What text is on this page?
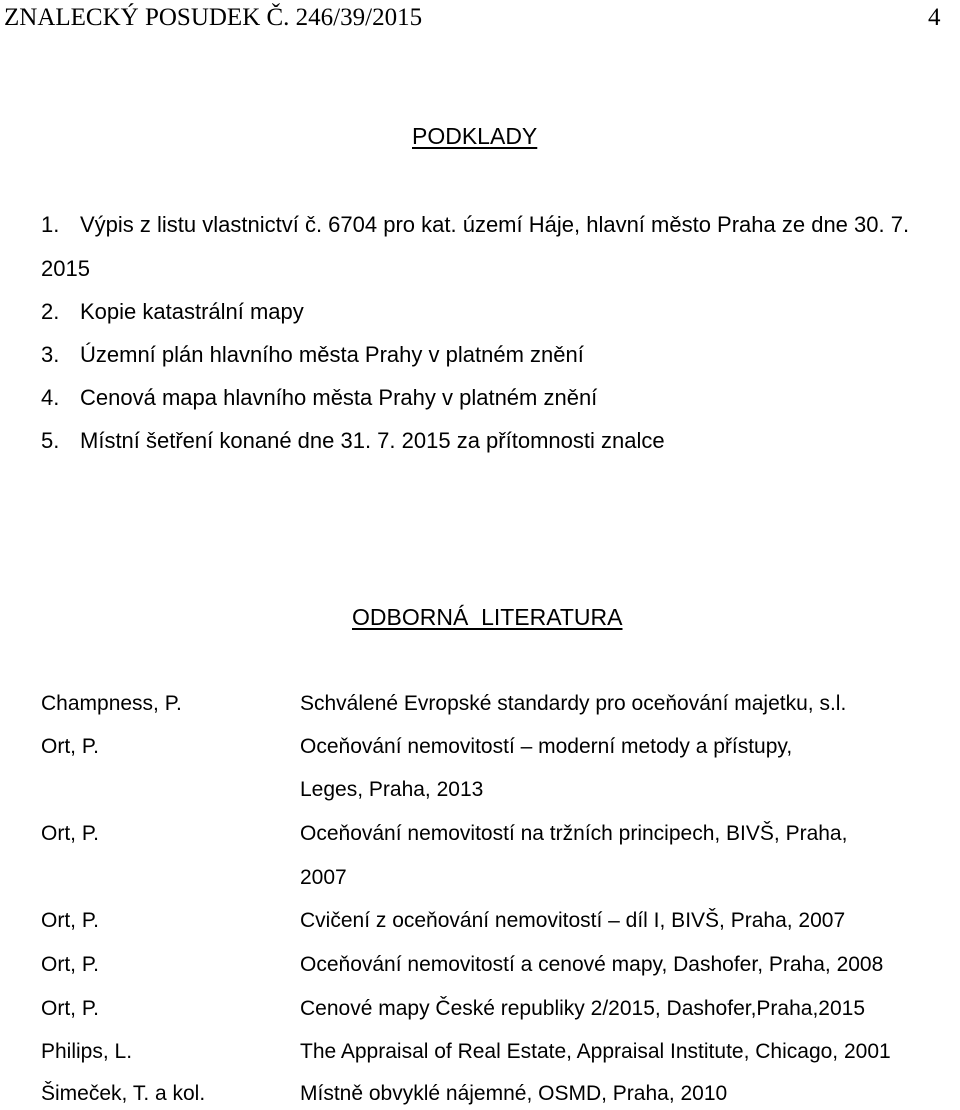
ZNALECKÝ POSUDEK Č. 246/39/2015	4
PODKLADY
1. Výpis z listu vlastnictví č. 6704 pro kat. území Háje, hlavní město Praha ze dne 30. 7.
2015
2. Kopie katastrální mapy
3. Územní plán hlavního města Prahy v platném znění
4. Cenová mapa hlavního města Prahy v platném znění
5. Místní šetření konané dne 31. 7. 2015 za přítomnosti znalce
ODBORNÁ  LITERATURA
Champness, P.	Schválené Evropské standardy pro oceňování majetku, s.l.
Ort, P.	Oceňování nemovitostí – moderní metody a přístupy,
Leges, Praha, 2013
Ort, P.	Oceňování nemovitostí na tržních principech, BIVŠ, Praha,
2007
Ort, P.	Cvičení z oceňování nemovitostí – díl I, BIVŠ, Praha, 2007
Ort, P.	Oceňování nemovitostí a cenové mapy, Dashofer, Praha, 2008
Ort, P.	Cenové mapy České republiky 2/2015, Dashofer,Praha,2015
Philips, L.	The Appraisal of Real Estate, Appraisal Institute, Chicago, 2001
Šimeček, T. a kol.	Místně obvyklé nájemné, OSMD, Praha, 2010
